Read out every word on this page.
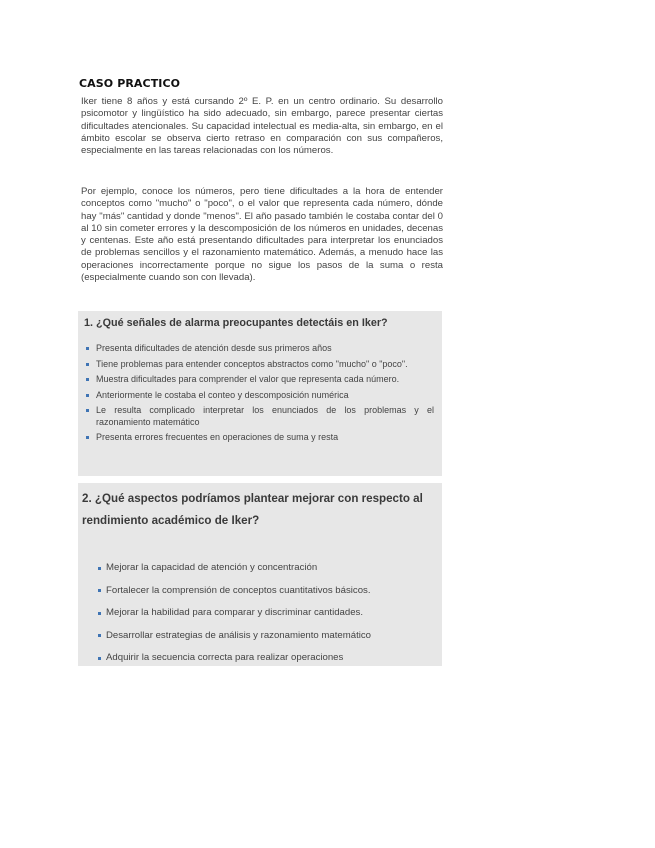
CASO PRACTICO
Iker tiene 8 años y está cursando 2º E. P. en un centro ordinario. Su desarrollo psicomotor y lingüístico ha sido adecuado, sin embargo, parece presentar ciertas dificultades atencionales. Su capacidad intelectual es media-alta, sin embargo, en el ámbito escolar se observa cierto retraso en comparación con sus compañeros, especialmente en las tareas relacionadas con los números.
Por ejemplo, conoce los números, pero tiene dificultades a la hora de entender conceptos como "mucho" o "poco", o el valor que representa cada número, dónde hay "más" cantidad y donde "menos". El año pasado también le costaba contar del 0 al 10 sin cometer errores y la descomposición de los números en unidades, decenas y centenas. Este año está presentando dificultades para interpretar los enunciados de problemas sencillos y el razonamiento matemático. Además, a menudo hace las operaciones incorrectamente porque no sigue los pasos de la suma o resta (especialmente cuando son con llevada).
1. ¿Qué señales de alarma preocupantes detectáis en Iker?
Presenta dificultades de atención desde sus primeros años
Tiene problemas para entender conceptos abstractos como "mucho" o "poco".
Muestra dificultades para comprender el valor que representa cada número.
Anteriormente le costaba el conteo y descomposición numérica
Le resulta complicado interpretar los enunciados de los problemas y el razonamiento matemático
Presenta errores frecuentes en operaciones de suma y resta
2. ¿Qué aspectos podríamos plantear mejorar con respecto al rendimiento académico de Iker?
Mejorar la capacidad de atención y concentración
Fortalecer la comprensión de conceptos cuantitativos básicos.
Mejorar la habilidad para comparar y discriminar cantidades.
Desarrollar estrategias de análisis y razonamiento matemático
Adquirir la secuencia correcta para realizar operaciones
